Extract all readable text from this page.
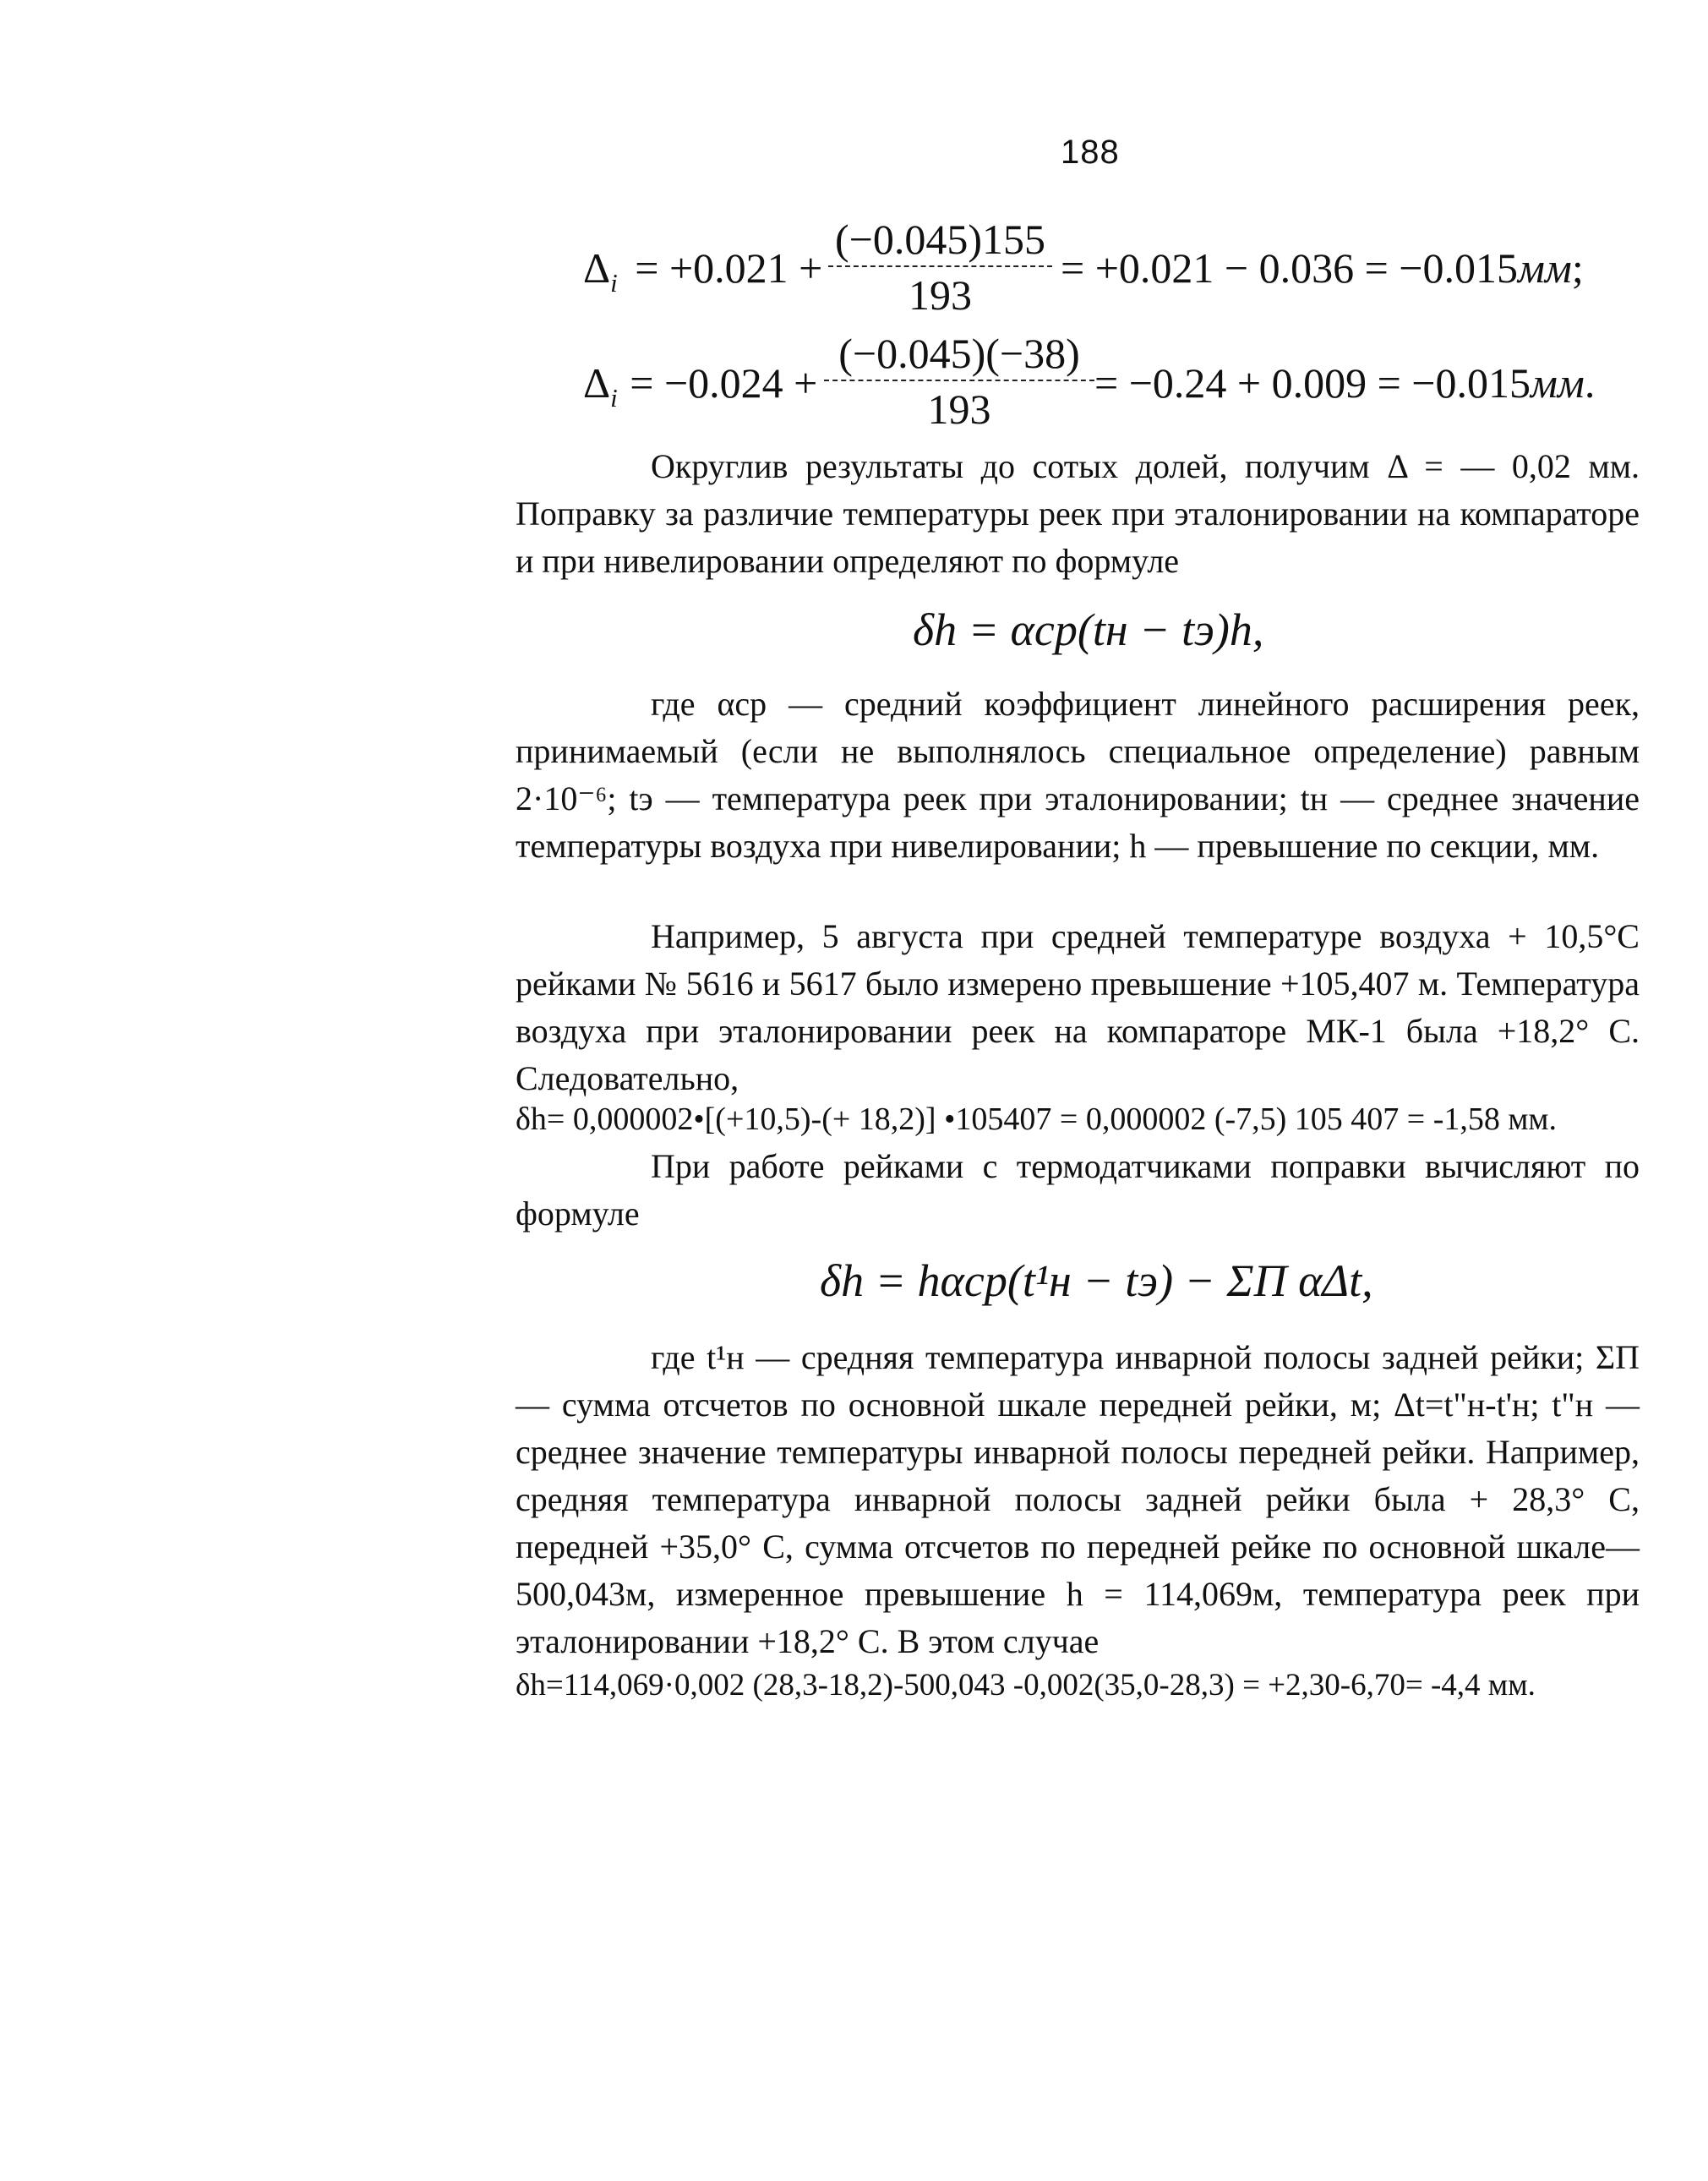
188
$\Delta_i = +0.021 + \frac{(-0.045)155}{193} = +0.021 - 0.036 = -0.015мм$;
$\Delta_i = -0.024 + \frac{(-0.045)(-38)}{193} = -0.24 + 0.009 = -0.015мм$.

Округлив результаты до сотых долей, получим Δ = — 0,02 мм. Поправку за различие температуры реек при эталонировании на компараторе и при нивелировании определяют по формуле

δh = αср(tн − tэ)h,

где αср — средний коэффициент линейного расширения реек, принимаемый (если не выполнялось специальное определение) равным 2·10⁻⁶; tэ — температура реек при эталонировании; tн — среднее значение температуры воздуха при нивелировании; h — превышение по секции, мм.

Например, 5 августа при средней температуре воздуха + 10,5°С рейками № 5616 и 5617 было измерено превышение +105,407 м. Температура воздуха при эталонировании реек на компараторе МК-1 была +18,2° С. Следовательно,

δh= 0,000002•[(+10,5)-(+ 18,2)] •105407 = 0,000002 (-7,5) 105 407 = -1,58 мм.

При работе рейками с термодатчиками поправки вычисляют по формуле

δh = hαср(t¹н − tэ) − ΣΠ αΔt,

где t¹н — средняя температура инварной полосы задней рейки; ΣП — сумма отсчетов по основной шкале передней рейки, м; Δt=t"н-t'н; t"н — среднее значение температуры инварной полосы передней рейки. Например, средняя температура инварной полосы задней рейки была + 28,3° С, передней +35,0° С, сумма отсчетов по передней рейке по основной шкале—500,043м, измеренное превышение h = 114,069м, температура реек при эталонировании +18,2° С. В этом случае

δh=114,069·0,002 (28,3-18,2)-500,043 -0,002(35,0-28,3) = +2,30-6,70= -4,4 мм.
